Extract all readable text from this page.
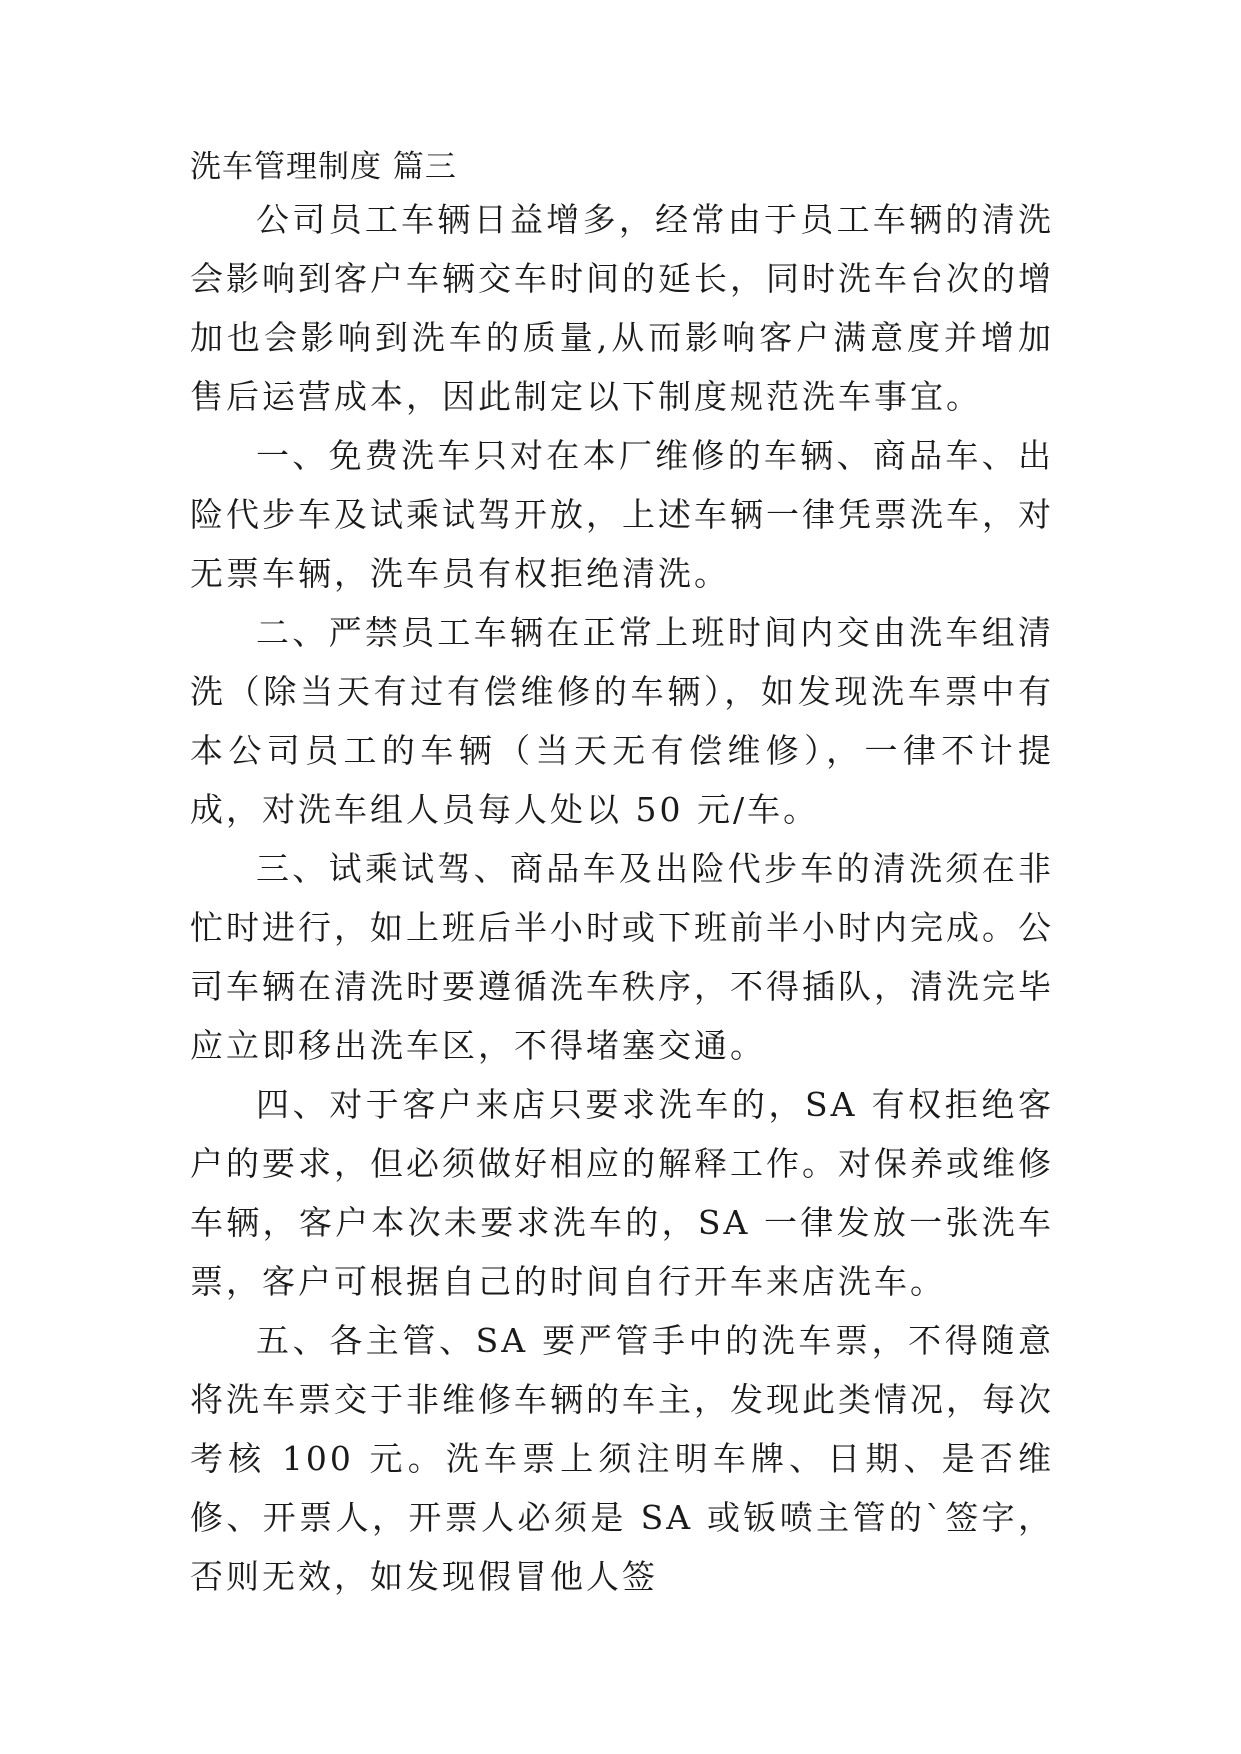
洗车管理制度 篇三

公司员工车辆日益增多，经常由于员工车辆的清洗会影响到客户车辆交车时间的延长，同时洗车台次的增加也会影响到洗车的质量,从而影响客户满意度并增加售后运营成本，因此制定以下制度规范洗车事宜。

一、免费洗车只对在本厂维修的车辆、商品车、出险代步车及试乘试驾开放，上述车辆一律凭票洗车，对无票车辆，洗车员有权拒绝清洗。

二、严禁员工车辆在正常上班时间内交由洗车组清洗（除当天有过有偿维修的车辆），如发现洗车票中有本公司员工的车辆（当天无有偿维修），一律不计提成，对洗车组人员每人处以 50 元/车。

三、试乘试驾、商品车及出险代步车的清洗须在非忙时进行，如上班后半小时或下班前半小时内完成。公司车辆在清洗时要遵循洗车秩序，不得插队，清洗完毕应立即移出洗车区，不得堵塞交通。

四、对于客户来店只要求洗车的，SA 有权拒绝客户的要求，但必须做好相应的解释工作。对保养或维修车辆，客户本次未要求洗车的，SA 一律发放一张洗车票，客户可根据自己的时间自行开车来店洗车。

五、各主管、SA 要严管手中的洗车票，不得随意将洗车票交于非维修车辆的车主，发现此类情况，每次考核 100 元。洗车票上须注明车牌、日期、是否维修、开票人，开票人必须是 SA 或钣喷主管的`签字，否则无效，如发现假冒他人签
